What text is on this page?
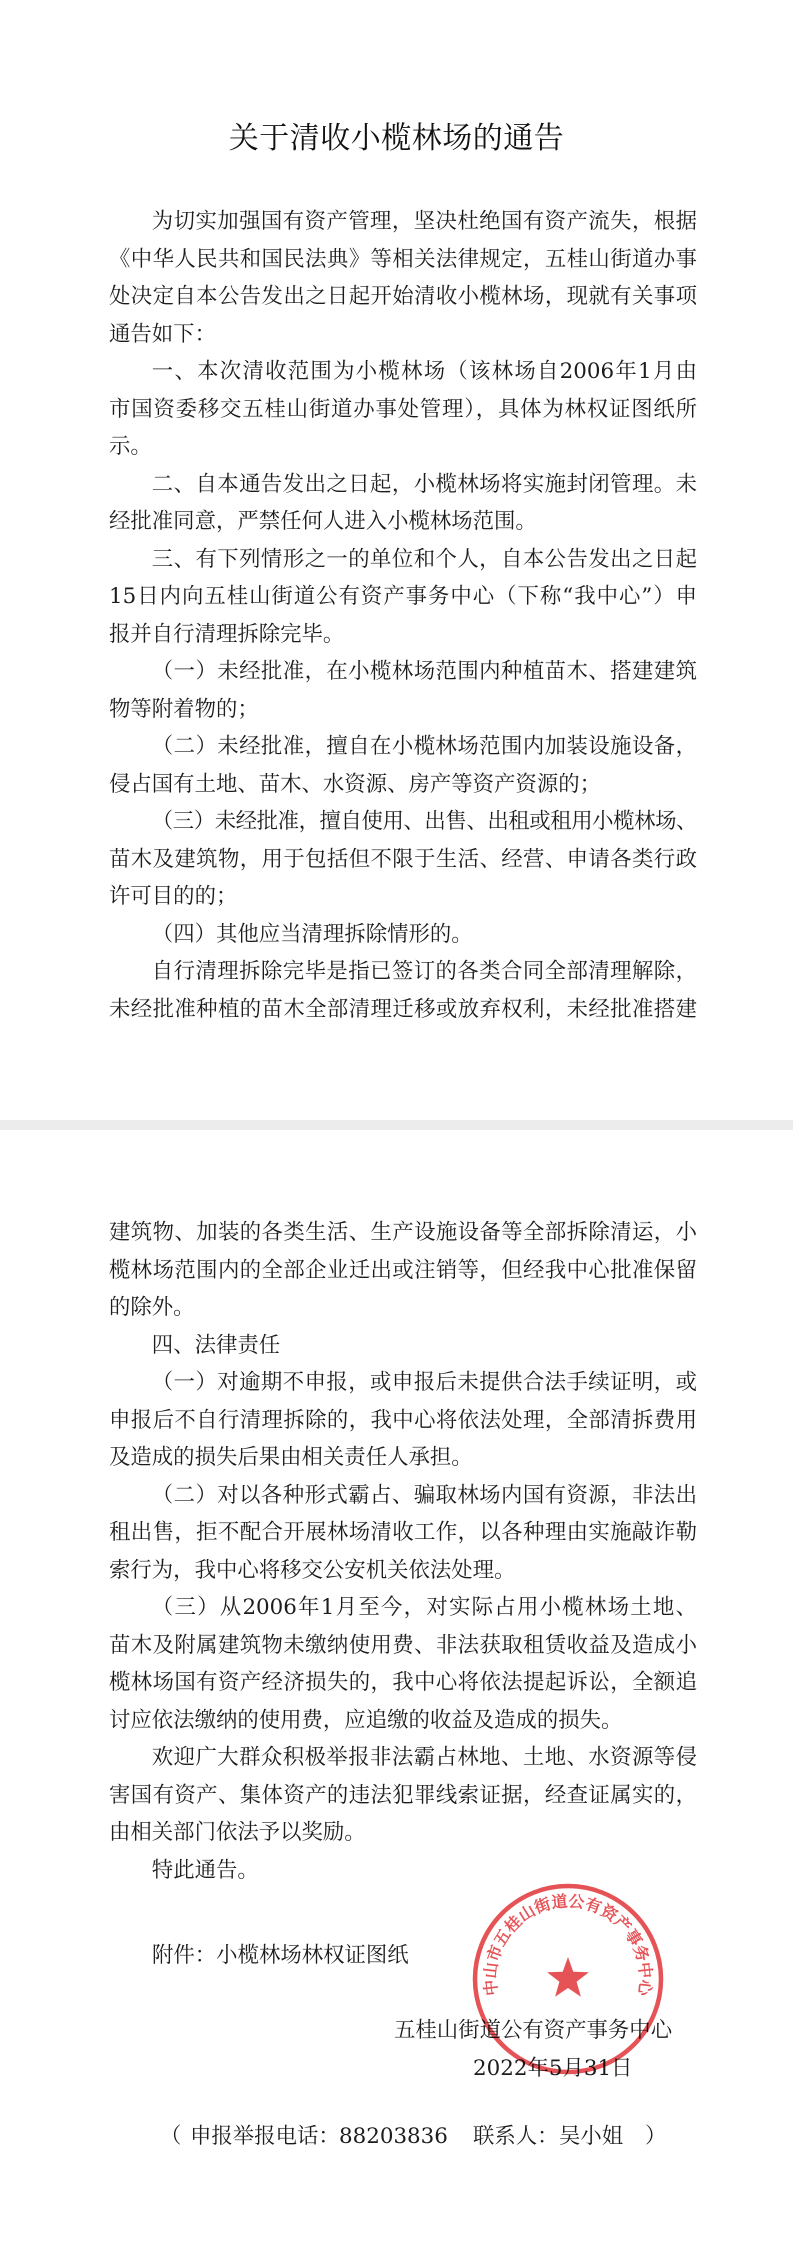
关于清收小榄林场的通告
为切实加强国有资产管理，坚决杜绝国有资产流失，根据
《中华人民共和国民法典》等相关法律规定，五桂山街道办事
处决定自本公告发出之日起开始清收小榄林场，现就有关事项
通告如下：
一、本次清收范围为小榄林场（该林场自2006年1月由
市国资委移交五桂山街道办事处管理），具体为林权证图纸所
示。
二、自本通告发出之日起，小榄林场将实施封闭管理。未
经批准同意，严禁任何人进入小榄林场范围。
三、有下列情形之一的单位和个人，自本公告发出之日起
15日内向五桂山街道公有资产事务中心（下称“我中心”）申
报并自行清理拆除完毕。
（一）未经批准，在小榄林场范围内种植苗木、搭建建筑
物等附着物的；
（二）未经批准，擅自在小榄林场范围内加装设施设备，
侵占国有土地、苗木、水资源、房产等资产资源的；
（三）未经批准，擅自使用、出售、出租或租用小榄林场、
苗木及建筑物，用于包括但不限于生活、经营、申请各类行政
许可目的的；
（四）其他应当清理拆除情形的。
自行清理拆除完毕是指已签订的各类合同全部清理解除，
未经批准种植的苗木全部清理迁移或放弃权利，未经批准搭建
建筑物、加装的各类生活、生产设施设备等全部拆除清运，小
榄林场范围内的全部企业迁出或注销等，但经我中心批准保留
的除外。
四、法律责任
（一）对逾期不申报，或申报后未提供合法手续证明，或
申报后不自行清理拆除的，我中心将依法处理，全部清拆费用
及造成的损失后果由相关责任人承担。
（二）对以各种形式霸占、骗取林场内国有资源，非法出
租出售，拒不配合开展林场清收工作，以各种理由实施敲诈勒
索行为，我中心将移交公安机关依法处理。
（三）从2006年1月至今，对实际占用小榄林场土地、
苗木及附属建筑物未缴纳使用费、非法获取租赁收益及造成小
榄林场国有资产经济损失的，我中心将依法提起诉讼，全额追
讨应依法缴纳的使用费，应追缴的收益及造成的损失。
欢迎广大群众积极举报非法霸占林地、土地、水资源等侵
害国有资产、集体资产的违法犯罪线索证据，经查证属实的，
由相关部门依法予以奖励。
特此通告。
附件：小榄林场林权证图纸
五桂山街道公有资产事务中心
2022年5月31日
（ 申报举报电话： 88203836 联系人： 吴小姐 ）
中山市五桂山街道公有资产事务中心
